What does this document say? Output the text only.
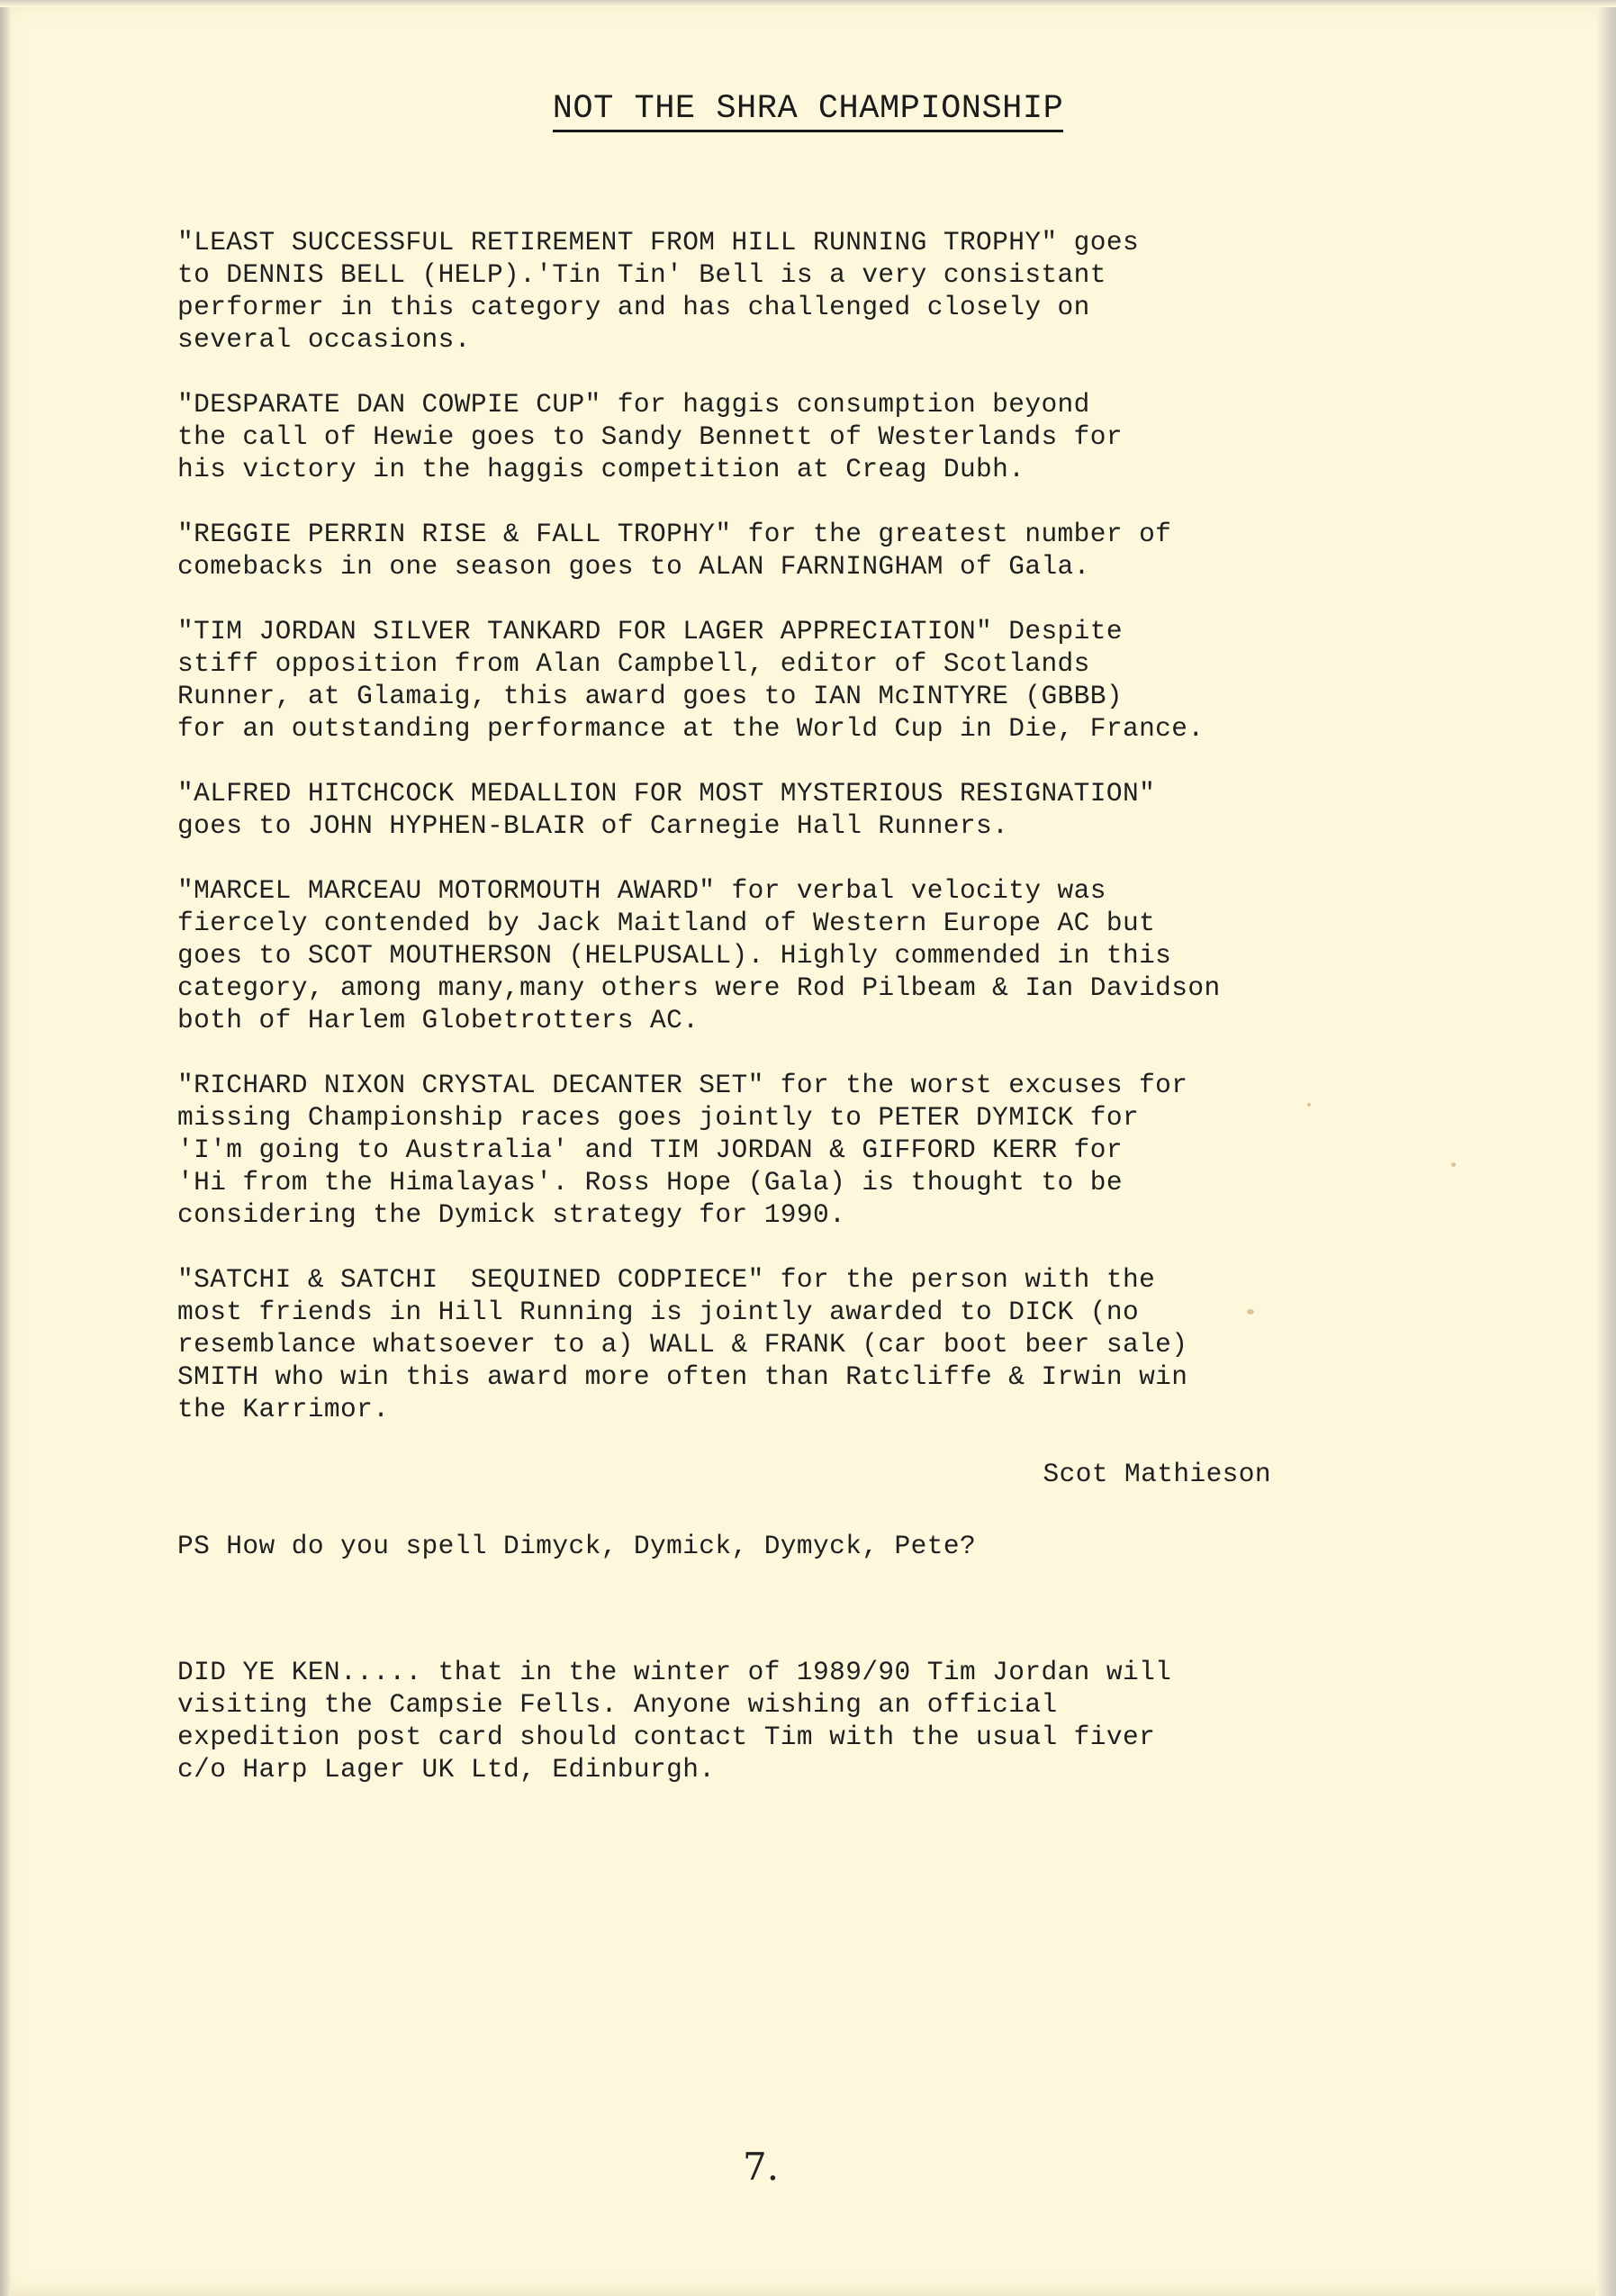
NOT THE SHRA CHAMPIONSHIP
"LEAST SUCCESSFUL RETIREMENT FROM HILL RUNNING TROPHY" goes
to DENNIS BELL (HELP).'Tin Tin' Bell is a very consistant
performer in this category and has challenged closely on
several occasions.
"DESPARATE DAN COWPIE CUP" for haggis consumption beyond
the call of Hewie goes to Sandy Bennett of Westerlands for
his victory in the haggis competition at Creag Dubh.
"REGGIE PERRIN RISE & FALL TROPHY" for the greatest number of
comebacks in one season goes to ALAN FARNINGHAM of Gala.
"TIM JORDAN SILVER TANKARD FOR LAGER APPRECIATION" Despite
stiff opposition from Alan Campbell, editor of Scotlands
Runner, at Glamaig, this award goes to IAN McINTYRE (GBBB)
for an outstanding performance at the World Cup in Die, France.
"ALFRED HITCHCOCK MEDALLION FOR MOST MYSTERIOUS RESIGNATION"
goes to JOHN HYPHEN-BLAIR of Carnegie Hall Runners.
"MARCEL MARCEAU MOTORMOUTH AWARD" for verbal velocity was
fiercely contended by Jack Maitland of Western Europe AC but
goes to SCOT MOUTHERSON (HELPUSALL). Highly commended in this
category, among many,many others were Rod Pilbeam & Ian Davidson
both of Harlem Globetrotters AC.
"RICHARD NIXON CRYSTAL DECANTER SET" for the worst excuses for
missing Championship races goes jointly to PETER DYMICK for
'I'm going to Australia' and TIM JORDAN & GIFFORD KERR for
'Hi from the Himalayas'. Ross Hope (Gala) is thought to be
considering the Dymick strategy for 1990.
"SATCHI & SATCHI  SEQUINED CODPIECE" for the person with the
most friends in Hill Running is jointly awarded to DICK (no
resemblance whatsoever to a) WALL & FRANK (car boot beer sale)
SMITH who win this award more often than Ratcliffe & Irwin win
the Karrimor.
Scot Mathieson
PS How do you spell Dimyck, Dymick, Dymyck, Pete?
DID YE KEN..... that in the winter of 1989/90 Tim Jordan will
visiting the Campsie Fells. Anyone wishing an official
expedition post card should contact Tim with the usual fiver
c/o Harp Lager UK Ltd, Edinburgh.
7.
